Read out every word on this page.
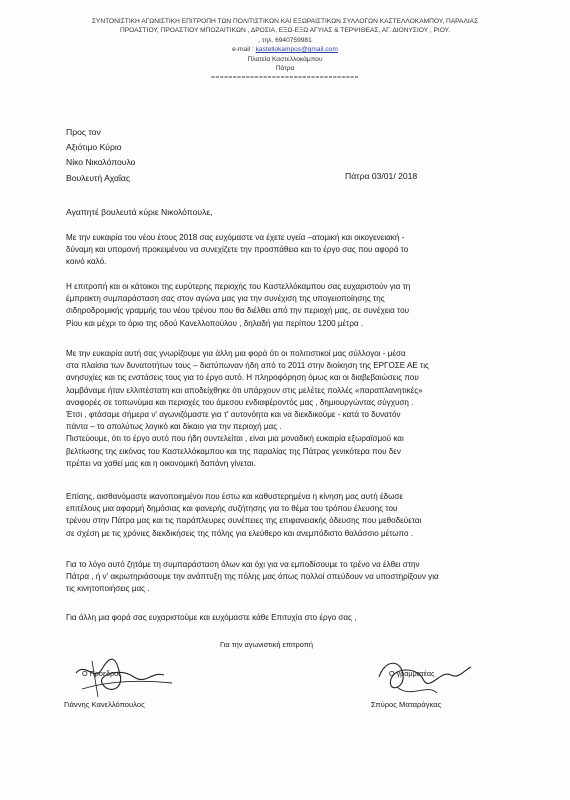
ΣΥΝΤΟΝΙΣΤΙΚΗ ΑΓΩΝΙΣΤΙΚΗ ΕΠΙΤΡΟΠΗ ΤΩΝ ΠΟΛΙΤΙΣΤΙΚΩΝ ΚΑΙ ΕΞΩΡΑΙΣΤΙΚΩΝ ΣΥΛΛΟΓΩΝ ΚΑΣΤΕΛΛΟΚΑΜΠΟΥ, ΠΑΡΑΛΙΑΣ
ΠΡΟΑΣΤΙΟΥ, ΠΡΟΑΣΤΙΟΥ ΜΠΟΖΑΙΤΙΚΩΝ , ΔΡΟΣΙΑ, ΕΞΩ-ΕΞΩ ΑΓΥΙΑΣ & ΤΕΡΨΙΘΕΑΣ, ΑΓ. ΔΙΟΝΥΣΙΟΥ , ΡΙΟΥ.
, τηλ. 6940759981
e-mail : kastellokampos@gmail.com
Πλατεία Καστελλοκάμπου
Πάτρα
==================================
Προς τον
Αξιότιμο Κύριο
Νίκο Νικολόπουλο
Βουλευτή Αχαΐας	Πάτρα 03/01/ 2018
Αγαπητέ βουλευτά κύριε Νικολόπουλε,

Με την ευκαιρία του νέου έτους 2018 σας ευχόμαστε να έχετε υγεία –ατομική και οικογενειακή -

δύναμη και υπομονή προκειμένου να συνεχίζετε την προσπάθεια και το έργο σας που αφορά το

κοινό καλό.

Η επιτροπή και οι κάτοικοι της ευρύτερης περιοχής του Καστελλόκαμπου σας ευχαριστούν για τη

έμπρακτη συμπαράσταση σας στον αγώνα μας για την συνέχιση της υπογειοποίησης της

σιδηροδρομικής γραμμής του νέου τρένου που θα διέλθει από την περιοχή μας, σε συνέχεια του

Ρίου και μέχρι το όριο της οδού Κανελλοπούλου , δηλαδή για περίπου 1200 μέτρα .

Με την ευκαιρία αυτή σας γνωρίζουμε για άλλη μια φορά ότι οι πολιτιστικοί μας σύλλογοι - μέσα

στα πλαίσια των δυνατοτήτων τους – διατύπωναν ήδη από το 2011 στην διοίκηση της ΕΡΓΟΣΕ ΑΕ τις

ανησυχίες και τις ενστάσεις τους για το έργο αυτό. Η πληροφόρηση όμως και οι διαβεβαιώσεις που

λαμβάναμε ήταν ελλιπέστατη και αποδείχθηκε ότι υπάρχουν στις μελέτες πολλές «παραπλανητικές»

αναφορές σε τοπωνύμια και περιοχές του άμεσου ενδιαφέροντός μας , δημιουργώντας σύγχυση .

Έτσι , φτάσαμε σήμερα ν' αγωνιζόμαστε για τ' αυτονόητα και να διεκδικούμε - κατά το δυνατόν

πάντα – το απολύτως λογικό και δίκαιο για την περιοχή μας .

Πιστεύουμε, ότι το έργο αυτό που ήδη συντελείται , είναι μια μοναδική ευκαιρία εξωραϊσμού και

βελτίωσης της εικόνας του Καστελλόκαμπου και της παραλίας της Πάτρας γενικότερα που δεν

πρέπει να χαθεί μας και η οικονομική δαπάνη γίνεται.

Επίσης, αισθανόμαστε ικανοποιημένοι που έστω και καθυστερημένα η κίνηση μας αυτή έδωσε

επιτέλους μια αφορμή δημόσιας και φανερής συζήτησης για το θέμα του τρόπου έλευσης του

τρένου στην Πάτρα μας και τις παράπλευρες συνέπειες της επιφανειακής όδευσης που μεθοδεύεται

σε σχέση με τις χρόνιες διεκδικήσεις της πόλης για ελεύθερο και ανεμπόδιστο θαλάσσιο μέτωπο .

Για το λόγο αυτό ζητάμε τη συμπαράσταση όλων και όχι για να εμποδίσουμε το τρένο να έλθει στην

Πάτρα , ή ν' ακρωτηριάσουμε την ανάπτυξη της πόλης μας όπως πολλοί σπεύδουν να υποστηρίξουν για

τις κινητοποιήσεις μας .

Για άλλη μια φορά σας ευχαριστούμε και ευχόμαστε κάθε Επιτυχία στο έργο σας ,

Για την αγωνιστική επιτροπή
Ο Πρόεδρος
Γιάννης Κανελλόπουλος
Ο γραμματέας
Σπύρος Ματαράγκας
